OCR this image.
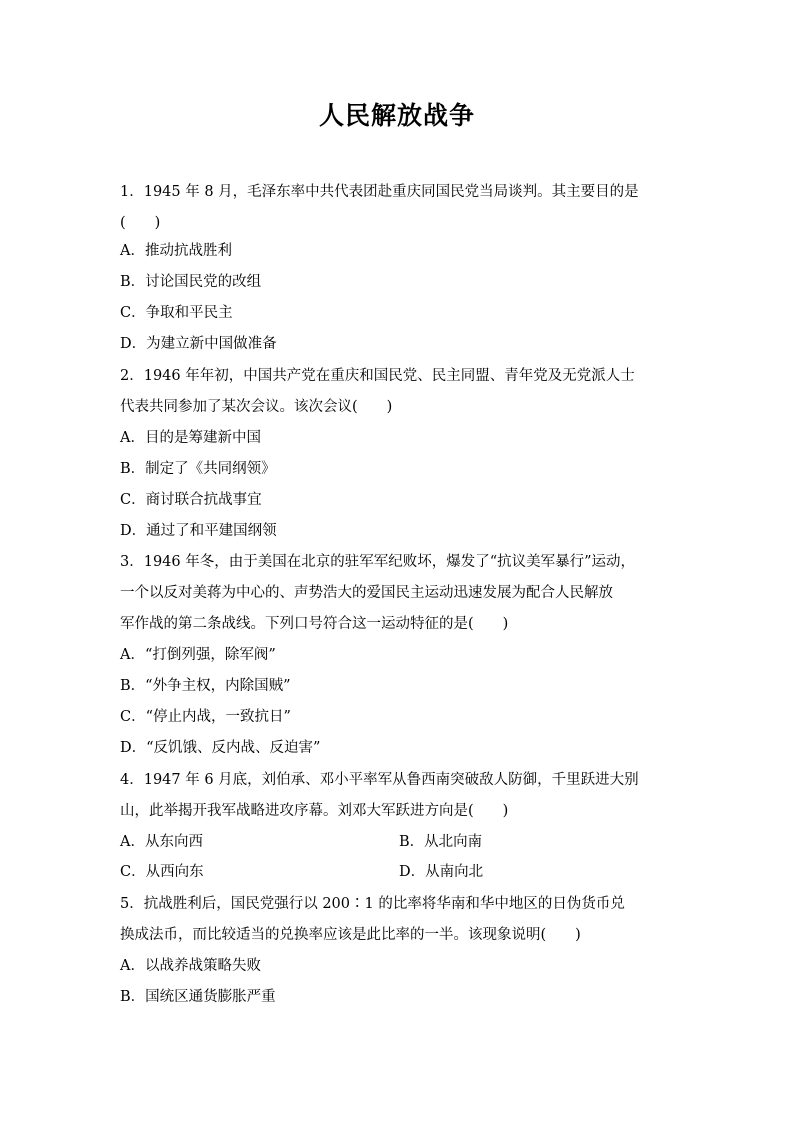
人民解放战争
1．1945 年 8 月，毛泽东率中共代表团赴重庆同国民党当局谈判。其主要目的是
(　　)
A．推动抗战胜利
B．讨论国民党的改组
C．争取和平民主
D．为建立新中国做准备
2．1946 年年初，中国共产党在重庆和国民党、民主同盟、青年党及无党派人士
代表共同参加了某次会议。该次会议(　　)
A．目的是筹建新中国
B．制定了《共同纲领》
C．商讨联合抗战事宜
D．通过了和平建国纲领
3．1946 年冬，由于美国在北京的驻军军纪败坏，爆发了“抗议美军暴行”运动，
一个以反对美蒋为中心的、声势浩大的爱国民主运动迅速发展为配合人民解放
军作战的第二条战线。下列口号符合这一运动特征的是(　　)
A．“打倒列强，除军阀”
B．“外争主权，内除国贼”
C．“停止内战，一致抗日”
D．“反饥饿、反内战、反迫害”
4．1947 年 6 月底，刘伯承、邓小平率军从鲁西南突破敌人防御，千里跃进大别
山，此举揭开我军战略进攻序幕。刘邓大军跃进方向是(　　)
A．从东向西	B．从北向南
C．从西向东	D．从南向北
5．抗战胜利后，国民党强行以 200∶1 的比率将华南和华中地区的日伪货币兑
换成法币，而比较适当的兑换率应该是此比率的一半。该现象说明(　　)
A．以战养战策略失败
B．国统区通货膨胀严重
